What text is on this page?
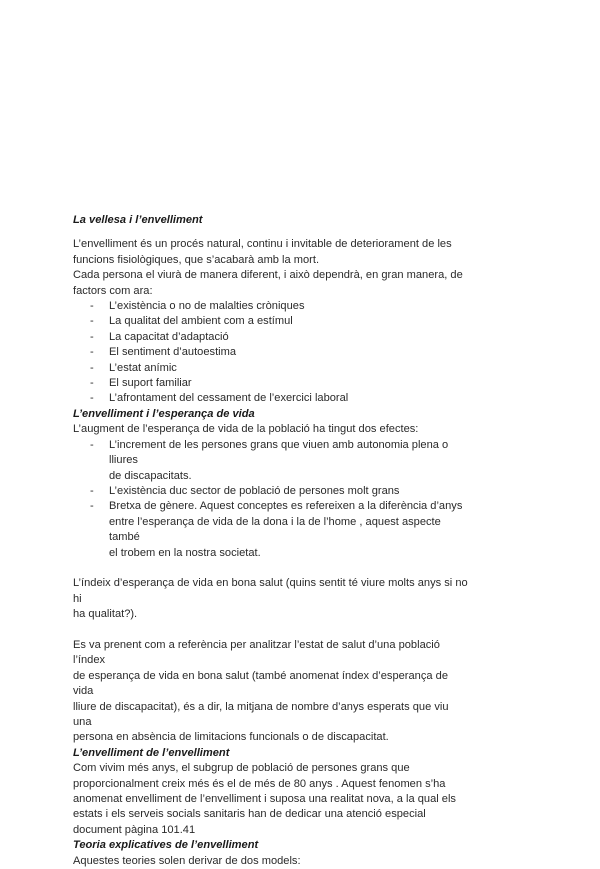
La vellesa i l’envelliment

L’envelliment és un procés natural, continu i invitable de deteriorament de les

funcions fisiològiques, que s’acabarà amb la mort.

Cada persona el viurà de manera diferent, i això dependrà, en gran manera, de

factors com ara:

- L’existència o no de malalties cròniques
- La qualitat del ambient com a estímul
- La capacitat d’adaptació
- El sentiment d’autoestima
- L’estat anímic
- El suport familiar
- L’afrontament del cessament de l’exercici laboral

L’envelliment i l’esperança de vida

L’augment de l’esperança de vida de la població ha tingut dos efectes:

- L’increment de les persones grans que viuen amb autonomia plena o lliures
de discapacitats.
- L’existència duc sector de població de persones molt grans
- Bretxa de gènere. Aquest conceptes es refereixen a la diferència d’anys
entre l’esperança de vida de la dona i la de l’home , aquest aspecte també
el trobem en la nostra societat.

L’índeix d’esperança de vida en bona salut (quins sentit té viure molts anys si no hi

ha qualitat?).

Es va prenent com a referència per analitzar l’estat de salut d’una població l’índex

de esperança de vida en bona salut (també anomenat índex d’esperança de vida

lliure de discapacitat), és a dir, la mitjana de nombre d’anys esperats que viu una

persona en absència de limitacions funcionals o de discapacitat.

L’envelliment de l’envelliment

Com vivim més anys, el subgrup de població de persones grans que

proporcionalment creix més és el de més de 80 anys . Aquest fenomen s’ha

anomenat envelliment de l’envelliment i suposa una realitat nova, a la qual els

estats i els serveis socials sanitaris han de dedicar una atenció especial

document pàgina 101.41

Teoria explicatives de l’envelliment

Aquestes teories solen derivar de dos models:
